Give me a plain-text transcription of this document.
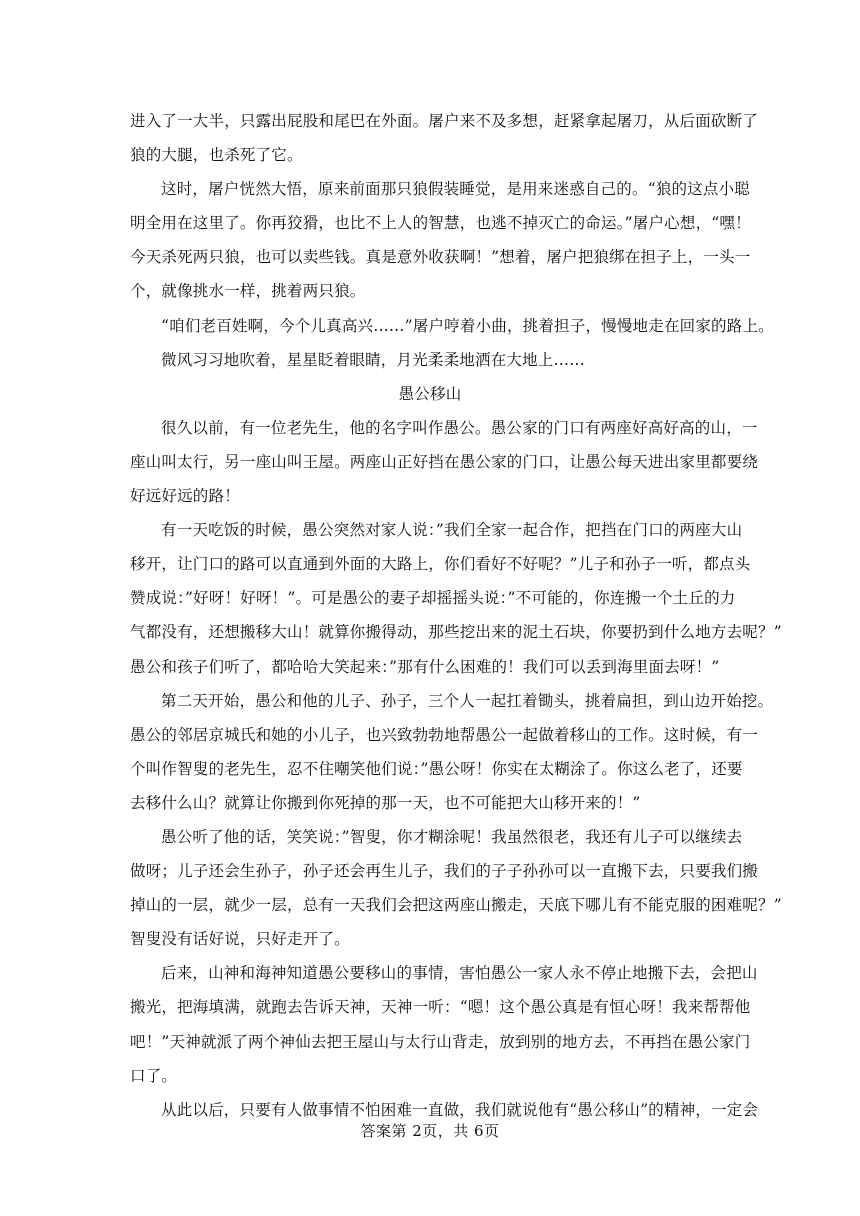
进入了一大半，只露出屁股和尾巴在外面。屠户来不及多想，赶紧拿起屠刀，从后面砍断了
狼的大腿，也杀死了它。
这时，屠户恍然大悟，原来前面那只狼假装睡觉，是用来迷惑自己的。“狼的这点小聪
明全用在这里了。你再狡猾，也比不上人的智慧，也逃不掉灭亡的命运。”屠户心想，“嘿！
今天杀死两只狼，也可以卖些钱。真是意外收获啊！”想着，屠户把狼绑在担子上，一头一
个，就像挑水一样，挑着两只狼。
“咱们老百姓啊，今个儿真高兴……”屠户哼着小曲，挑着担子，慢慢地走在回家的路上。
微风习习地吹着，星星眨着眼睛，月光柔柔地洒在大地上……
愚公移山
很久以前，有一位老先生，他的名字叫作愚公。愚公家的门口有两座好高好高的山，一
座山叫太行，另一座山叫王屋。两座山正好挡在愚公家的门口，让愚公每天进出家里都要绕
好远好远的路！
有一天吃饭的时候，愚公突然对家人说：”我们全家一起合作，把挡在门口的两座大山
移开，让门口的路可以直通到外面的大路上，你们看好不好呢？”儿子和孙子一听，都点头
赞成说：”好呀！好呀！”。可是愚公的妻子却摇摇头说：”不可能的，你连搬一个土丘的力
气都没有，还想搬移大山！就算你搬得动，那些挖出来的泥土石块，你要扔到什么地方去呢？”
愚公和孩子们听了，都哈哈大笑起来：”那有什么困难的！我们可以丢到海里面去呀！”
第二天开始，愚公和他的儿子、孙子，三个人一起扛着锄头，挑着扁担，到山边开始挖。
愚公的邻居京城氏和她的小儿子，也兴致勃勃地帮愚公一起做着移山的工作。这时候，有一
个叫作智叟的老先生，忍不住嘲笑他们说：”愚公呀！你实在太糊涂了。你这么老了，还要
去移什么山？就算让你搬到你死掉的那一天，也不可能把大山移开来的！”
愚公听了他的话，笑笑说：”智叟，你才糊涂呢！我虽然很老，我还有儿子可以继续去
做呀；儿子还会生孙子，孙子还会再生儿子，我们的子子孙孙可以一直搬下去，只要我们搬
掉山的一层，就少一层，总有一天我们会把这两座山搬走，天底下哪儿有不能克服的困难呢？”
智叟没有话好说，只好走开了。
后来，山神和海神知道愚公要移山的事情，害怕愚公一家人永不停止地搬下去，会把山
搬光，把海填满，就跑去告诉天神，天神一听：“嗯！这个愚公真是有恒心呀！我来帮帮他
吧！”天神就派了两个神仙去把王屋山与太行山背走，放到别的地方去，不再挡在愚公家门
口了。
从此以后，只要有人做事情不怕困难一直做，我们就说他有“愚公移山”的精神，一定会
答案第 2页，共 6页
